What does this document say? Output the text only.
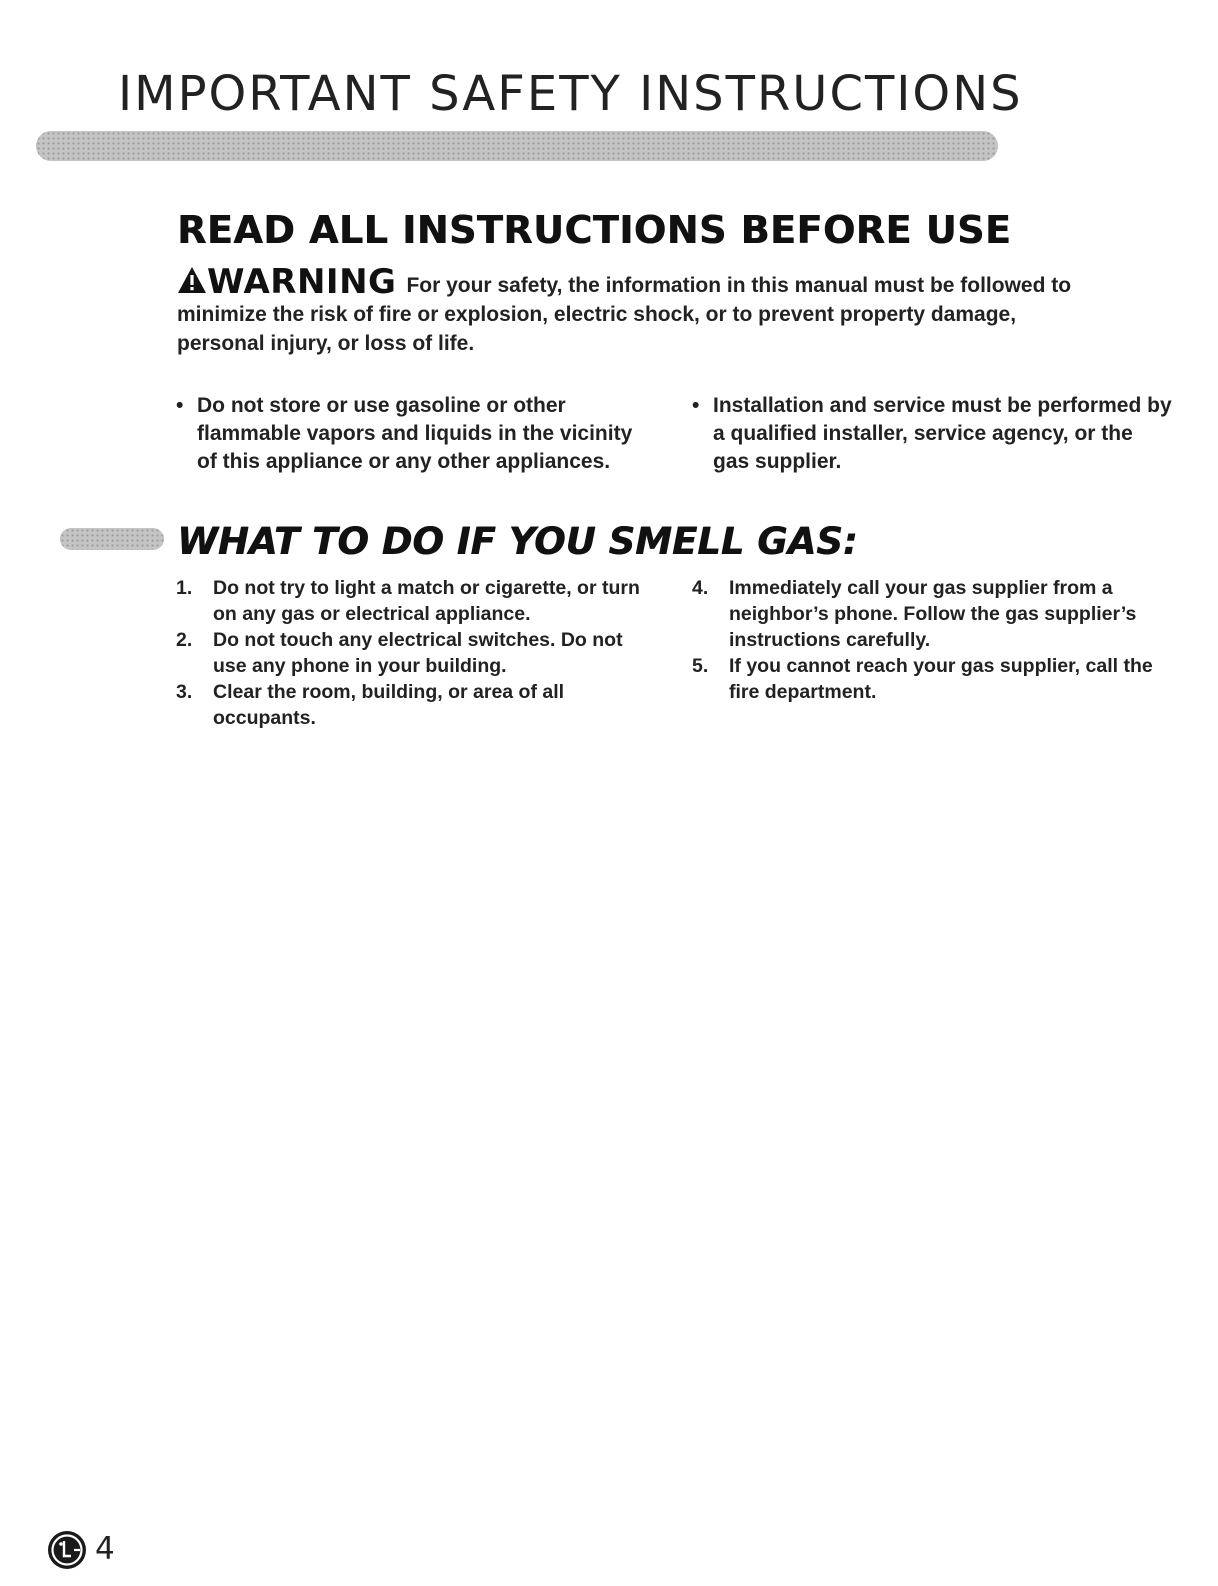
IMPORTANT SAFETY INSTRUCTIONS
READ ALL INSTRUCTIONS BEFORE USE

WARNING For your safety, the information in this manual must be followed to minimize the risk of fire or explosion, electric shock, or to prevent property damage, personal injury, or loss of life.

• Do not store or use gasoline or other flammable vapors and liquids in the vicinity of this appliance or any other appliances.

• Installation and service must be performed by a qualified installer, service agency, or the gas supplier.

WHAT TO DO IF YOU SMELL GAS:
1.	Do not try to light a match or cigarette, or turn on any gas or electrical appliance.
2.	Do not touch any electrical switches. Do not use any phone in your building.
3.	Clear the room, building, or area of all occupants.
4.	Immediately call your gas supplier from a neighbor’s phone. Follow the gas supplier’s instructions carefully.
5.	If you cannot reach your gas supplier, call the fire department.
4
